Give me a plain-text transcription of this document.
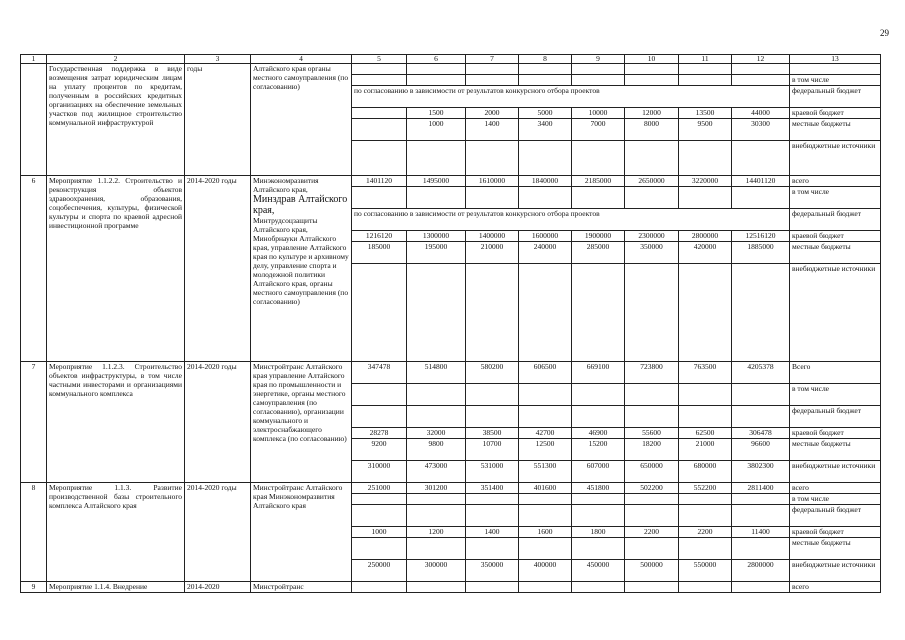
29
1	2	3	4	5	6	7	8	9	10	11	12	13
	Государственная поддержка в виде возмещения затрат юридическим лицам на уплату процентов по кредитам, полученным в российских кредитных организациях на обеспечение земельных участков под жилищное строительство коммунальной инфраструктурой	годы	Алтайского края органы местного самоуправления (по согласованию)									
												в том числе
				по согласованию в зависимости от результатов конкурсного отбора проектов								федеральный бюджет
					1500	2000	5000	10000	12000	13500	44000	краевой бюджет
					1000	1400	3400	7000	8000	9500	30300	местные бюджеты
												внебюджетные источники
6	Мероприятие 1.1.2.2. Строительство и реконструкция объектов здравоохранения, образования, соцобеспечения, культуры, физической культуры и спорта по краевой адресной инвестиционной программе	2014-2020 годы	Минэкономразвития Алтайского края,
Минздрав Алтайского края,
Минтрудсоцзащиты Алтайского края, Минобрнауки Алтайского края, управление Алтайского края по культуре и архивному делу, управление спорта и молодежной политики Алтайского края, органы местного самоуправления (по согласованию)	1401120	1495000	1610000	1840000	2185000	2650000	3220000	14401120	всего
												в том числе
				по согласованию в зависимости от результатов конкурсного отбора проектов								федеральный бюджет
				1216120	1300000	1400000	1600000	1900000	2300000	2800000	12516120	краевой бюджет
				185000	195000	210000	240000	285000	350000	420000	1885000	местные бюджеты
												внебюджетные источники
7	Мероприятие 1.1.2.3. Строительство объектов инфраструктуры, в том числе частными инвесторами и организациями коммунального комплекса	2014-2020 годы	Минстройтранс Алтайского края управление Алтайского края по промышленности и энергетике, органы местного самоуправления (по согласованию), организации коммунального и электроснабжающего комплекса (по согласованию)	347478	514800	580200	606500	669100	723800	763500	4205378	Всего
												в том числе
												федеральный бюджет
				28278	32000	38500	42700	46900	55600	62500	306478	краевой бюджет
				9200	9800	10700	12500	15200	18200	21000	96600	местные бюджеты
				310000	473000	531000	551300	607000	650000	680000	3802300	внебюджетные источники
8	Мероприятие 1.1.3. Развитие производственной базы строительного комплекса Алтайского края	2014-2020 годы	Минстройтранс Алтайского края Минэкономразвития Алтайского края	251000	301200	351400	401600	451800	502200	552200	2811400	всего
												в том числе
												федеральный бюджет
				1000	1200	1400	1600	1800	2200	2200	11400	краевой бюджет
												местные бюджеты
				250000	300000	350000	400000	450000	500000	550000	2800000	внебюджетные источники
9	Мероприятие 1.1.4. Внедрение	2014-2020	Минстройтранс									всего
